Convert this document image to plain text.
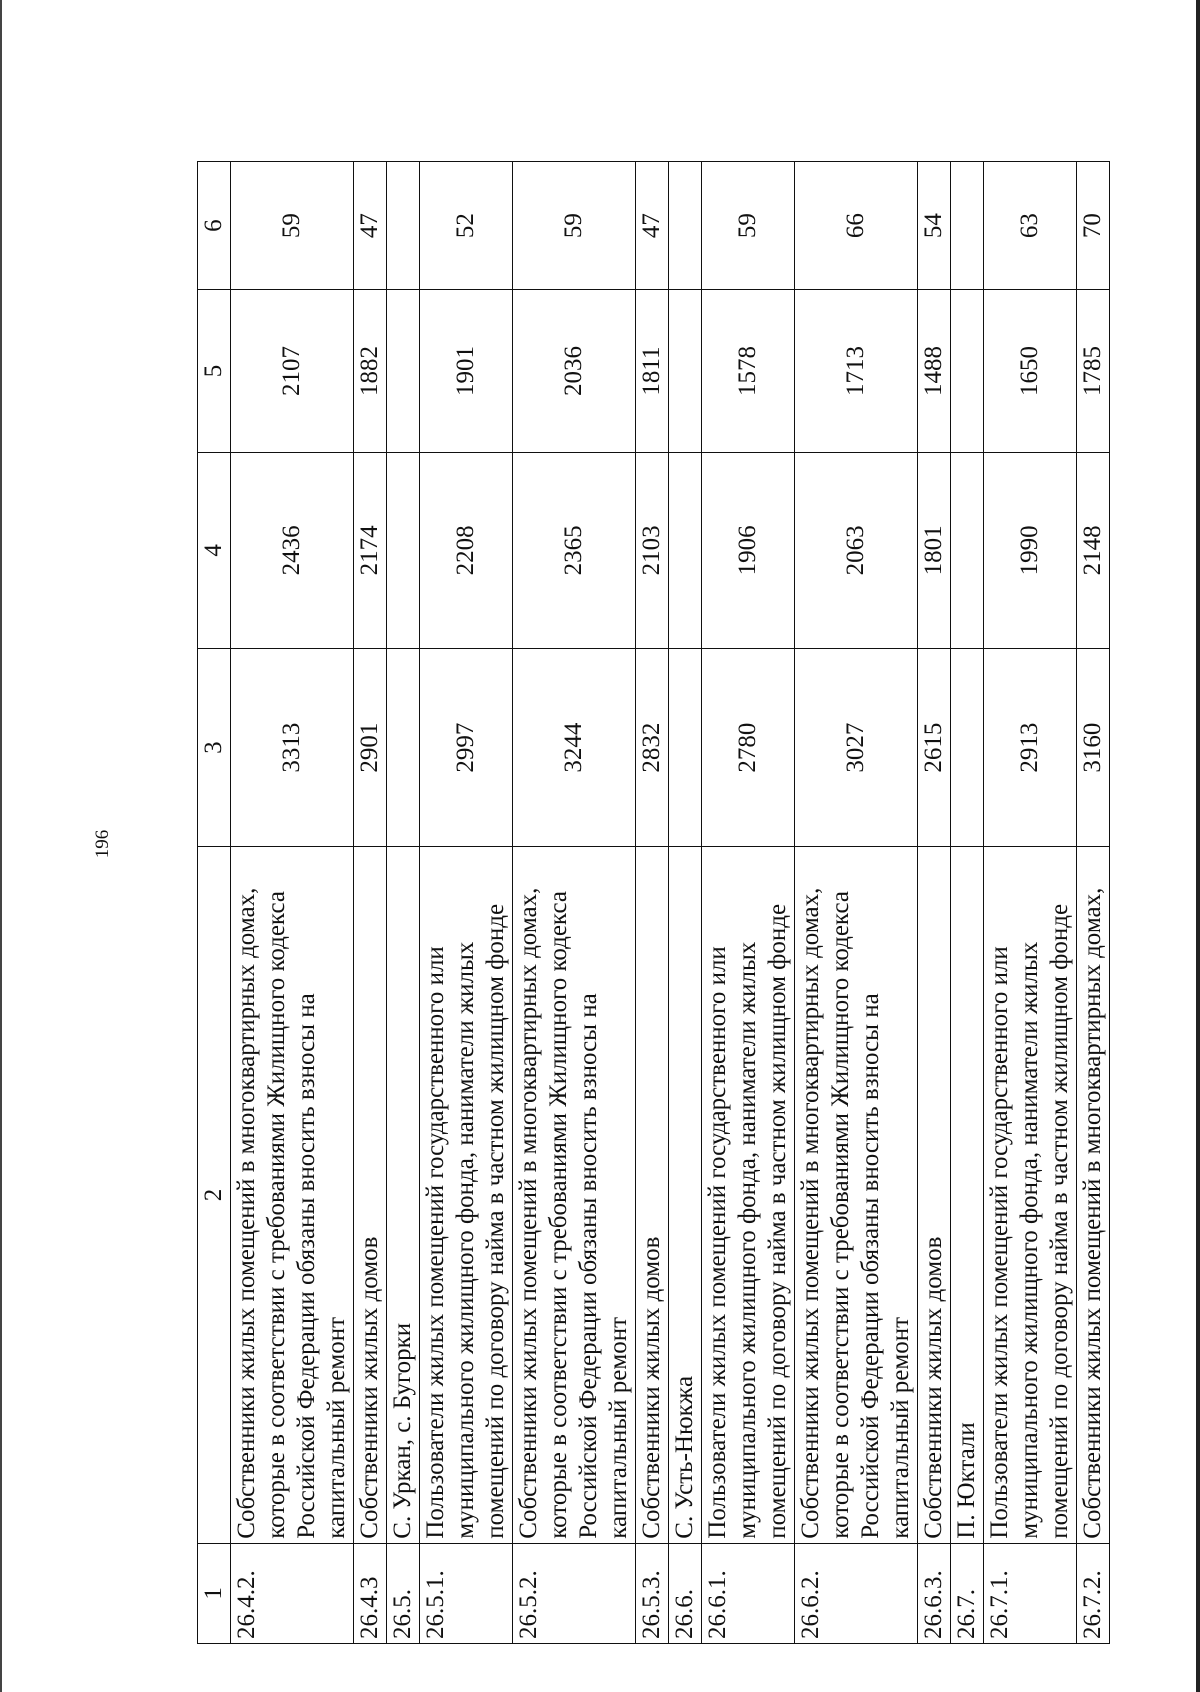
196
1	2	3	4	5	6
26.4.2.	Собственники жилых помещений в многоквартирных домах, которые в соответствии с требованиями Жилищного кодекса Российской Федерации обязаны вносить взносы на капитальный ремонт	3313	2436	2107	59
26.4.3	Собственники жилых домов	2901	2174	1882	47
26.5.	С. Уркан, с. Бугорки				
26.5.1.	Пользователи жилых помещений государственного или муниципального жилищного фонда, наниматели жилых помещений по договору найма в частном жилищном фонде	2997	2208	1901	52
26.5.2.	Собственники жилых помещений в многоквартирных домах, которые в соответствии с требованиями Жилищного кодекса Российской Федерации обязаны вносить взносы на капитальный ремонт	3244	2365	2036	59
26.5.3.	Собственники жилых домов	2832	2103	1811	47
26.6.	С. Усть-Нюкжа				
26.6.1.	Пользователи жилых помещений государственного или муниципального жилищного фонда, наниматели жилых помещений по договору найма в частном жилищном фонде	2780	1906	1578	59
26.6.2.	Собственники жилых помещений в многоквартирных домах, которые в соответствии с требованиями Жилищного кодекса Российской Федерации обязаны вносить взносы на капитальный ремонт	3027	2063	1713	66
26.6.3.	Собственники жилых домов	2615	1801	1488	54
26.7.	П. Юктали				
26.7.1.	Пользователи жилых помещений государственного или муниципального жилищного фонда, наниматели жилых помещений по договору найма в частном жилищном фонде	2913	1990	1650	63
26.7.2.	Собственники жилых помещений в многоквартирных домах,	3160	2148	1785	70
